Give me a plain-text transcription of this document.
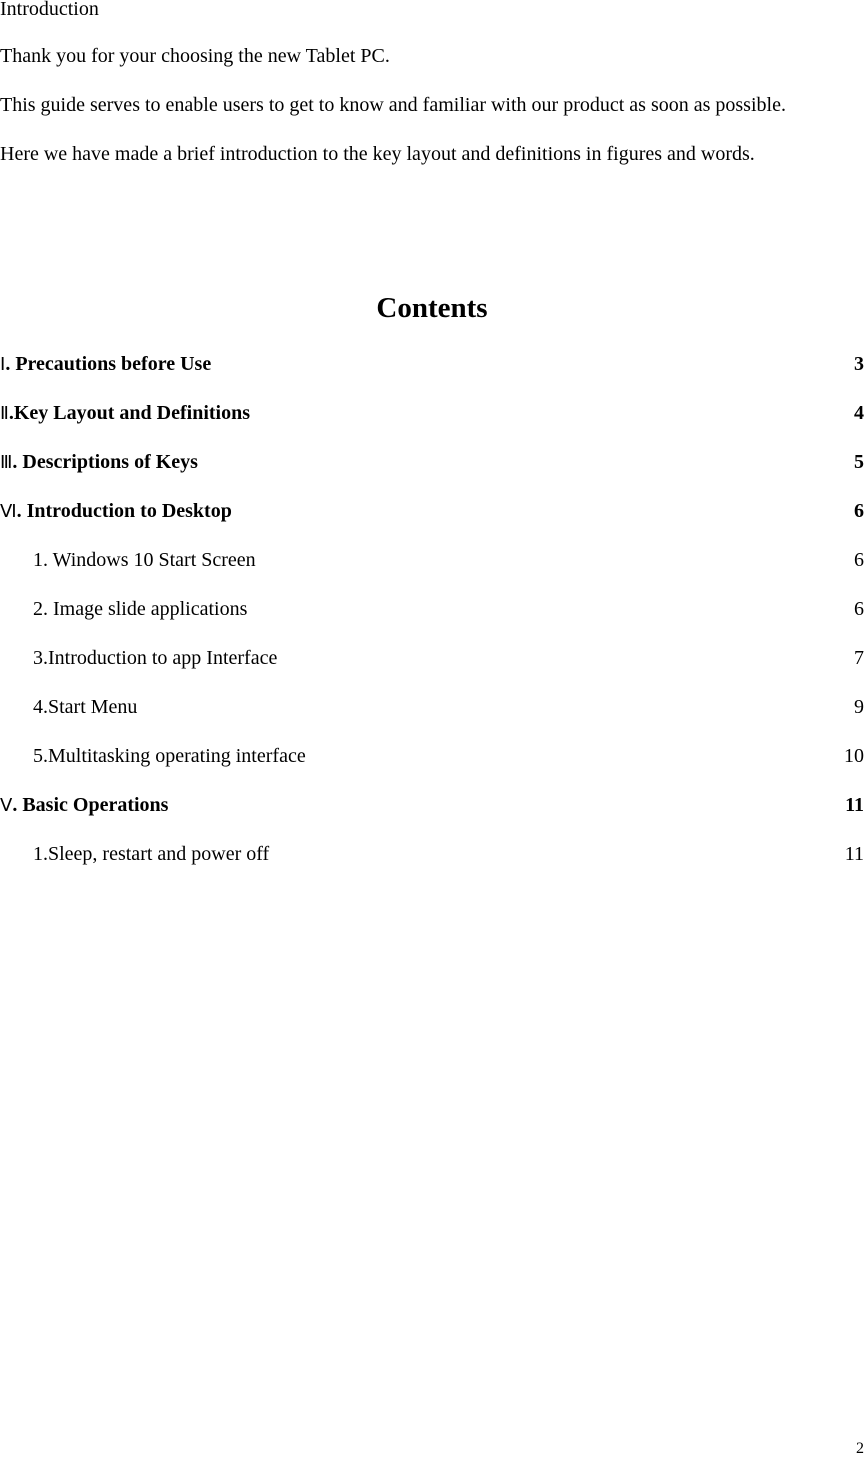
Introduction
Thank you for your choosing the new Tablet PC.
This guide serves to enable users to get to know and familiar with our product as soon as possible.
Here we have made a brief introduction to the key layout and definitions in figures and words.
Contents
Ⅰ. Precautions before Use	3
Ⅱ.Key Layout and Definitions	4
Ⅲ. Descriptions of Keys	5
Ⅵ. Introduction to Desktop	6
1. Windows 10 Start Screen	6
2. Image slide applications	6
3.Introduction to app Interface	7
4.Start Menu	9
5.Multitasking operating interface	10
Ⅴ. Basic Operations	11
1.Sleep, restart and power off	11
2
